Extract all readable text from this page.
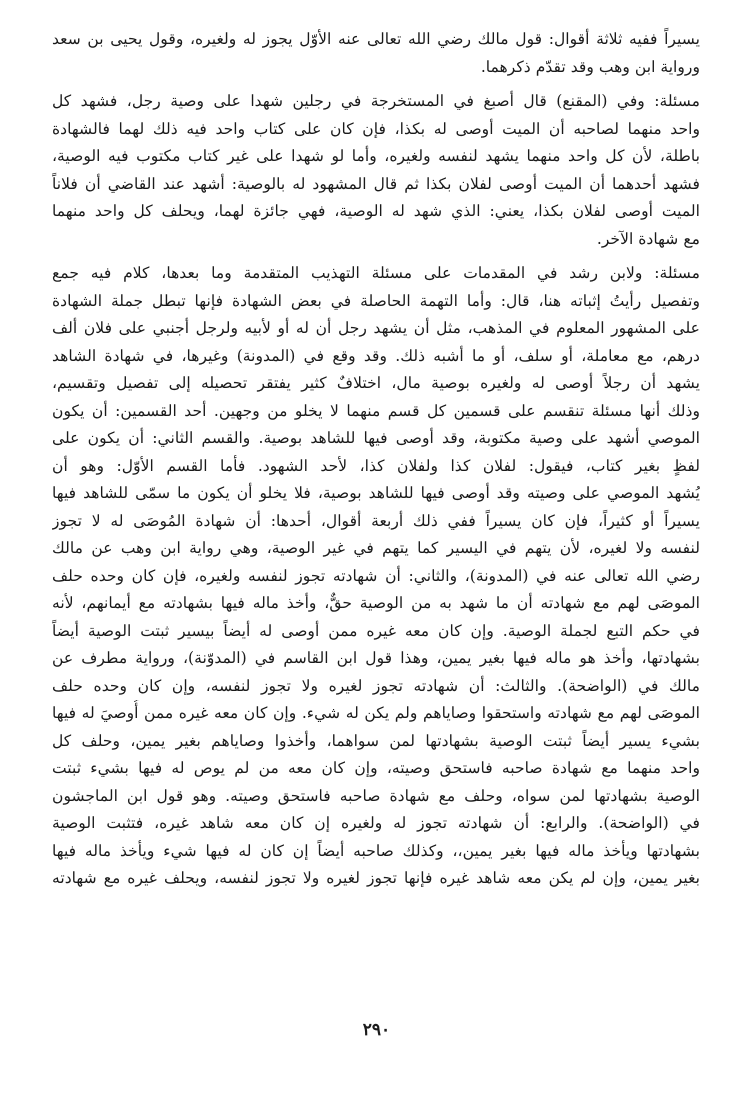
يسيراً ففيه ثلاثة أقوال: قول مالك رضي الله تعالى عنه الأوّل يجوز له ولغيره، وقول يحيى بن سعد
ورواية ابن وهب وقد تقدّم ذكرهما.
مسئلة: وفي (المقنع) قال أصبغ في المستخرجة في رجلين شهدا على وصية رجل، فشهد كل
واحد منهما لصاحبه أن الميت أوصى له بكذا، فإن كان على كتاب واحد فيه ذلك لهما فالشهادة
باطلة، لأن كل واحد منهما يشهد لنفسه ولغيره، وأما لو شهدا على غير كتاب مكتوب فيه الوصية،
فشهد أحدهما أن الميت أوصى لفلان بكذا ثم قال المشهود له بالوصية: أشهد عند القاضي أن فلاناً
الميت أوصى لفلان بكذا، يعني: الذي شهد له الوصية، فهي جائزة لهما، ويحلف كل واحد منهما
مع شهادة الآخر.
مسئلة: ولابن رشد في المقدمات على مسئلة التهذيب المتقدمة وما بعدها، كلام فيه جمع
وتفصيل رأيتُ إثباته هنا، قال: وأما التهمة الحاصلة في بعض الشهادة فإنها تبطل جملة الشهادة
على المشهور المعلوم في المذهب، مثل أن يشهد رجل أن له أو لأبيه ولرجل أجنبي على فلان ألف
درهم، مع معاملة، أو سلف، أو ما أشبه ذلك. وقد وقع في (المدونة) وغيرها، في شهادة الشاهد
يشهد أن رجلاً أوصى له ولغيره بوصية مال، اختلافٌ كثير يفتقر تحصيله إلى تفصيل وتقسيم،
وذلك أنها مسئلة تنقسم على قسمين كل قسم منهما لا يخلو من وجهين. أحد القسمين: أن يكون
الموصي أشهد على وصية مكتوبة، وقد أوصى فيها للشاهد بوصية. والقسم الثاني: أن يكون على
لفظٍ بغير كتاب، فيقول: لفلان كذا ولفلان كذا، لأحد الشهود. فأما القسم الأوّل: وهو أن
يُشهد الموصي على وصيته وقد أوصى فيها للشاهد بوصية، فلا يخلو أن يكون ما سمّى للشاهد فيها
يسيراً أو كثيراً، فإن كان يسيراً ففي ذلك أربعة أقوال، أحدها: أن شهادة المُوصَى له لا تجوز
لنفسه ولا لغيره، لأن يتهم في اليسير كما يتهم في غير الوصية، وهي رواية ابن وهب عن مالك
رضي الله تعالى عنه في (المدونة)، والثاني: أن شهادته تجوز لنفسه ولغيره، فإن كان وحده حلف
الموصَى لهم مع شهادته أن ما شهد به من الوصية حقٌّ، وأخذ ماله فيها بشهادته مع أيمانهم، لأنه
في حكم التبع لجملة الوصية. وإن كان معه غيره ممن أوصى له أيضاً بيسير ثبتت الوصية أيضاً
بشهادتها، وأخذ هو ماله فيها بغير يمين، وهذا قول ابن القاسم في (المدوّنة)، ورواية مطرف عن
مالك في (الواضحة). والثالث: أن شهادته تجوز لغيره ولا تجوز لنفسه، وإن كان وحده حلف
الموصَى لهم مع شهادته واستحقوا وصاياهم ولم يكن له شيء. وإن كان معه غيره ممن أُوصيَ له فيها
بشيء يسير أيضاً ثبتت الوصية بشهادتها لمن سواهما، وأخذوا وصاياهم بغير يمين، وحلف كل
واحد منهما مع شهادة صاحبه فاستحق وصيته، وإن كان معه من لم يوص له فيها بشيء ثبتت
الوصية بشهادتها لمن سواه، وحلف مع شهادة صاحبه فاستحق وصيته. وهو قول ابن الماجشون
في (الواضحة). والرابع: أن شهادته تجوز له ولغيره إن كان معه شاهد غيره، فتثبت الوصية
بشهادتها ويأخذ ماله فيها بغير يمين،، وكذلك صاحبه أيضاً إن كان له فيها شيء ويأخذ ماله فيها
بغير يمين، وإن لم يكن معه شاهد غيره فإنها تجوز لغيره ولا تجوز لنفسه، ويحلف غيره مع شهادته
٢٩٠
